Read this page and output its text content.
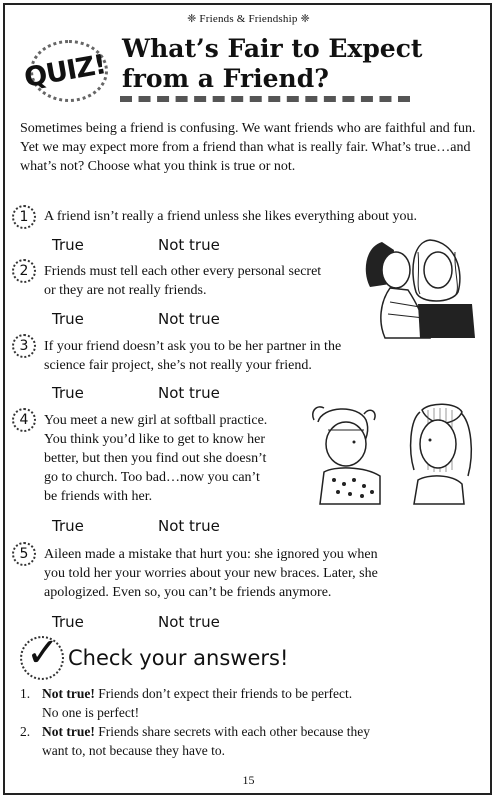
❈ Friends & Friendship ❈
QUIZ!
What’s Fair to Expect
from a Friend?
Sometimes being a friend is confusing. We want friends who are faithful and fun. Yet we may expect more from a friend than what is really fair. What’s true…and what’s not? Choose what you think is true or not.
1	A friend isn’t really a friend unless she likes everything about you.
True	Not true
2	Friends must tell each other every personal secret
or they are not really friends.
True	Not true
3	If your friend doesn’t ask you to be her partner in the
science fair project, she’s not really your friend.
True	Not true
4	You meet a new girl at softball practice.
You think you’d like to get to know her
better, but then you find out she doesn’t
go to church. Too bad…now you can’t
be friends with her.
True	Not true
5	Aileen made a mistake that hurt you: she ignored you when
you told her your worries about your new braces. Later, she
apologized. Even so, you can’t be friends anymore.
True	Not true
✓ Check your answers!
1. Not true! Friends don’t expect their friends to be perfect.
No one is perfect!
2. Not true! Friends share secrets with each other because they
want to, not because they have to.
15
